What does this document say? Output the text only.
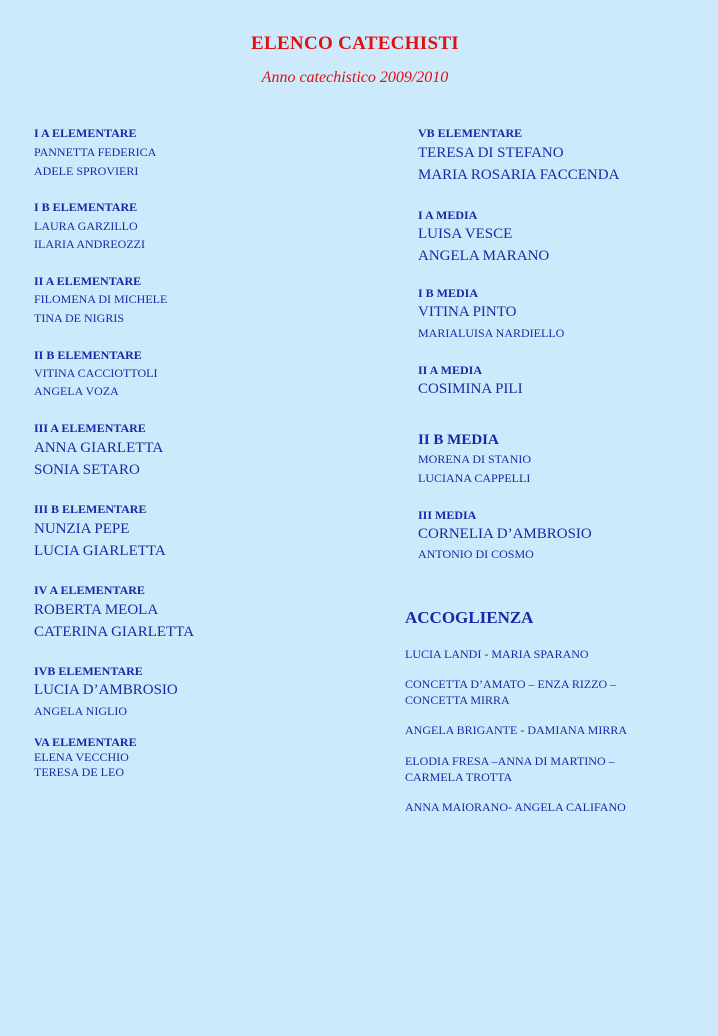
ELENCO CATECHISTI
Anno catechistico 2009/2010
I A ELEMENTARE
PANNETTA FEDERICA
ADELE SPROVIERI
I B ELEMENTARE
LAURA GARZILLO
ILARIA ANDREOZZI
II A ELEMENTARE
FILOMENA DI MICHELE
TINA DE NIGRIS
II B ELEMENTARE
VITINA CACCIOTTOLI
ANGELA VOZA
III A ELEMENTARE
ANNA GIARLETTA
SONIA SETARO
III B ELEMENTARE
NUNZIA PEPE
LUCIA GIARLETTA
IV A ELEMENTARE
ROBERTA MEOLA
CATERINA GIARLETTA
IVB ELEMENTARE
LUCIA D’AMBROSIO
ANGELA NIGLIO
VA ELEMENTARE
ELENA VECCHIO
TERESA DE LEO
VB ELEMENTARE
TERESA DI STEFANO
MARIA ROSARIA FACCENDA
I A MEDIA
LUISA VESCE
ANGELA MARANO
I B MEDIA
VITINA PINTO
MARIALUISA NARDIELLO
II A MEDIA
COSIMINA PILI
II B MEDIA
MORENA DI STANIO
LUCIANA CAPPELLI
III MEDIA
CORNELIA D’AMBROSIO
ANTONIO DI COSMO
ACCOGLIENZA
LUCIA LANDI - MARIA SPARANO
CONCETTA D’AMATO – ENZA RIZZO – CONCETTA MIRRA
ANGELA BRIGANTE - DAMIANA MIRRA
ELODIA FRESA –ANNA DI MARTINO – CARMELA TROTTA
ANNA MAIORANO- ANGELA CALIFANO
